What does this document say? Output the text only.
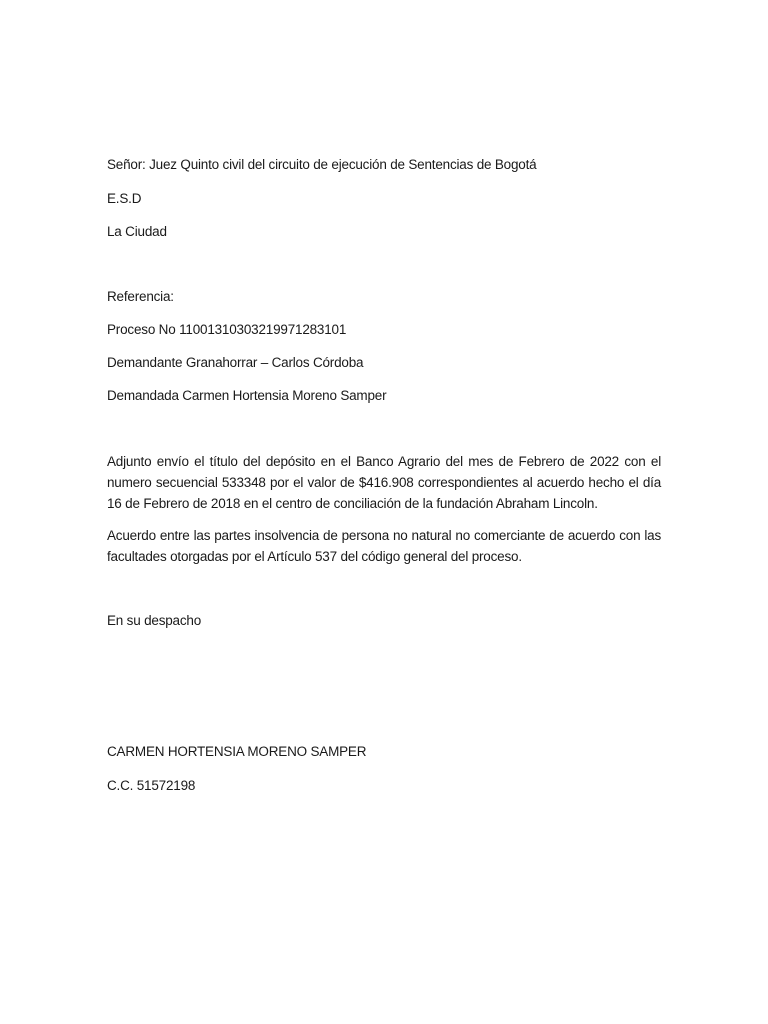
Señor: Juez Quinto civil del circuito de ejecución de Sentencias de Bogotá
E.S.D
La Ciudad
Referencia:
Proceso No 11001310303219971283101
Demandante Granahorrar – Carlos Córdoba
Demandada Carmen Hortensia Moreno Samper
Adjunto envío el título del depósito en el Banco Agrario del mes de Febrero de 2022 con el numero secuencial 533348 por el valor de $416.908 correspondientes al acuerdo hecho el día 16 de Febrero de 2018 en el centro de conciliación de la fundación Abraham Lincoln.
Acuerdo entre las partes insolvencia de persona no natural no comerciante de acuerdo con las facultades otorgadas por el Artículo 537 del código general del proceso.
En su despacho
CARMEN HORTENSIA MORENO SAMPER
C.C. 51572198
